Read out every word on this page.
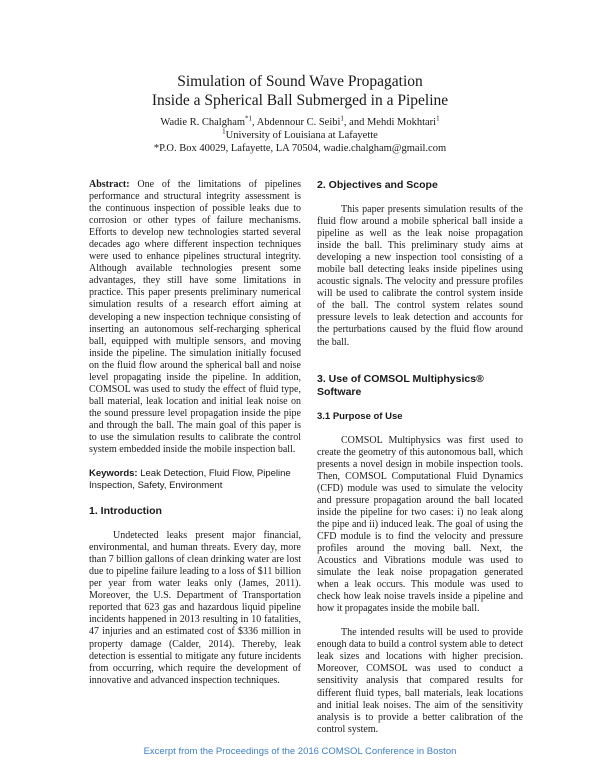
Simulation of Sound Wave Propagation
Inside a Spherical Ball Submerged in a Pipeline
Wadie R. Chalgham$^{*1}$, Abdennour C. Seibi$^1$, and Mehdi Mokhtari$^1$
$^1$University of Louisiana at Lafayette
*P.O. Box 40029, Lafayette, LA 70504, wadie.chalgham@gmail.com

Abstract: One of the limitations of pipelines performance and structural integrity assessment is the continuous inspection of possible leaks due to corrosion or other types of failure mechanisms. Efforts to develop new technologies started several decades ago where different inspection techniques were used to enhance pipelines structural integrity. Although available technologies present some advantages, they still have some limitations in practice. This paper presents preliminary numerical simulation results of a research effort aiming at developing a new inspection technique consisting of inserting an autonomous self-recharging spherical ball, equipped with multiple sensors, and moving inside the pipeline. The simulation initially focused on the fluid flow around the spherical ball and noise level propagating inside the pipeline. In addition, COMSOL was used to study the effect of fluid type, ball material, leak location and initial leak noise on the sound pressure level propagation inside the pipe and through the ball. The main goal of this paper is to use the simulation results to calibrate the control system embedded inside the mobile inspection ball.

Keywords: Leak Detection, Fluid Flow, Pipeline Inspection, Safety, Environment

1. Introduction

Undetected leaks present major financial, environmental, and human threats. Every day, more than 7 billion gallons of clean drinking water are lost due to pipeline failure leading to a loss of $11 billion per year from water leaks only (James, 2011). Moreover, the U.S. Department of Transportation reported that 623 gas and hazardous liquid pipeline incidents happened in 2013 resulting in 10 fatalities, 47 injuries and an estimated cost of $336 million in property damage (Calder, 2014). Thereby, leak detection is essential to mitigate any future incidents from occurring, which require the development of innovative and advanced inspection techniques.

2. Objectives and Scope

This paper presents simulation results of the fluid flow around a mobile spherical ball inside a pipeline as well as the leak noise propagation inside the ball. This preliminary study aims at developing a new inspection tool consisting of a mobile ball detecting leaks inside pipelines using acoustic signals. The velocity and pressure profiles will be used to calibrate the control system inside of the ball. The control system relates sound pressure levels to leak detection and accounts for the perturbations caused by the fluid flow around the ball.

3. Use of COMSOL Multiphysics® Software

3.1 Purpose of Use

COMSOL Multiphysics was first used to create the geometry of this autonomous ball, which presents a novel design in mobile inspection tools. Then, COMSOL Computational Fluid Dynamics (CFD) module was used to simulate the velocity and pressure propagation around the ball located inside the pipeline for two cases: i) no leak along the pipe and ii) induced leak. The goal of using the CFD module is to find the velocity and pressure profiles around the moving ball. Next, the Acoustics and Vibrations module was used to simulate the leak noise propagation generated when a leak occurs. This module was used to check how leak noise travels inside a pipeline and how it propagates inside the mobile ball.

The intended results will be used to provide enough data to build a control system able to detect leak sizes and locations with higher precision. Moreover, COMSOL was used to conduct a sensitivity analysis that compared results for different fluid types, ball materials, leak locations and initial leak noises. The aim of the sensitivity analysis is to provide a better calibration of the control system.

Excerpt from the Proceedings of the 2016 COMSOL Conference in Boston
